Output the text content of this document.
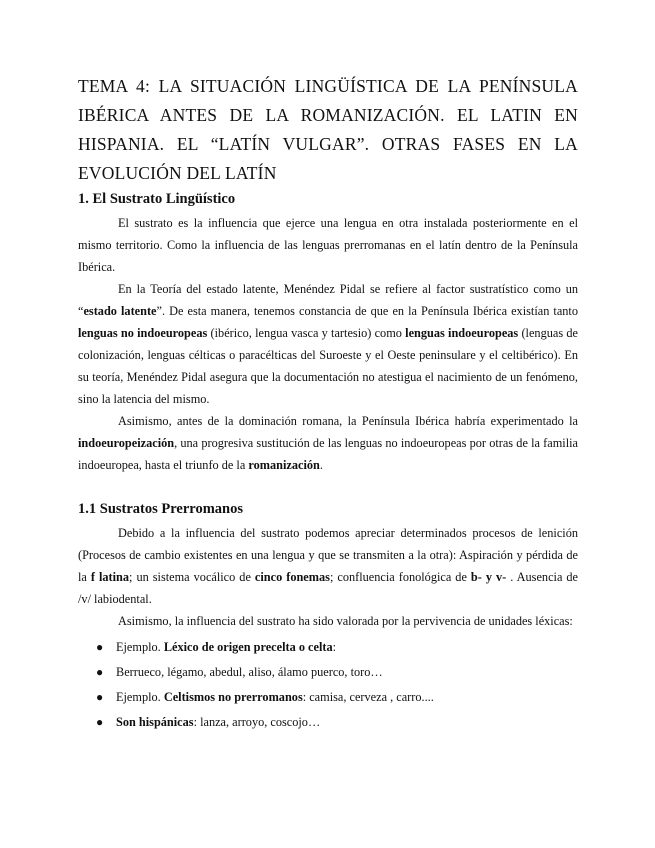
TEMA 4: LA SITUACIÓN LINGÜÍSTICA DE LA PENÍNSULA IBÉRICA ANTES DE LA ROMANIZACIÓN. EL LATIN EN HISPANIA. EL “LATÍN VULGAR”. OTRAS FASES EN LA EVOLUCIÓN DEL LATÍN
1. El Sustrato Lingüístico

El sustrato es la influencia que ejerce una lengua en otra instalada posteriormente en el mismo territorio. Como la influencia de las lenguas prerromanas en el latín dentro de la Península Ibérica.

En la Teoría del estado latente, Menéndez Pidal se refiere al factor sustratístico como un “estado latente”. De esta manera, tenemos constancia de que en la Península Ibérica existían tanto lenguas no indoeuropeas (ibérico, lengua vasca y tartesio) como lenguas indoeuropeas (lenguas de colonización, lenguas célticas o paracélticas del Suroeste y el Oeste peninsulare y el celtibérico). En su teoría, Menéndez Pidal asegura que la documentación no atestigua el nacimiento de un fenómeno, sino la latencia del mismo.

Asimismo, antes de la dominación romana, la Península Ibérica habría experimentado la indoeuropeización, una progresiva sustitución de las lenguas no indoeuropeas por otras de la familia indoeuropea, hasta el triunfo de la romanización.

1.1 Sustratos Prerromanos

Debido a la influencia del sustrato podemos apreciar determinados procesos de lenición (Procesos de cambio existentes en una lengua y que se transmiten a la otra): Aspiración y pérdida de la f latina; un sistema vocálico de cinco fonemas; confluencia fonológica de b- y v- . Ausencia de /v/ labiodental.

Asimismo, la influencia del sustrato ha sido valorada por la pervivencia de unidades léxicas:

● Ejemplo. Léxico de origen precelta o celta:
● Berrueco, légamo, abedul, aliso, álamo puerco, toro…
● Ejemplo. Celtismos no prerromanos: camisa, cerveza , carro....
● Son hispánicas: lanza, arroyo, coscojo…
